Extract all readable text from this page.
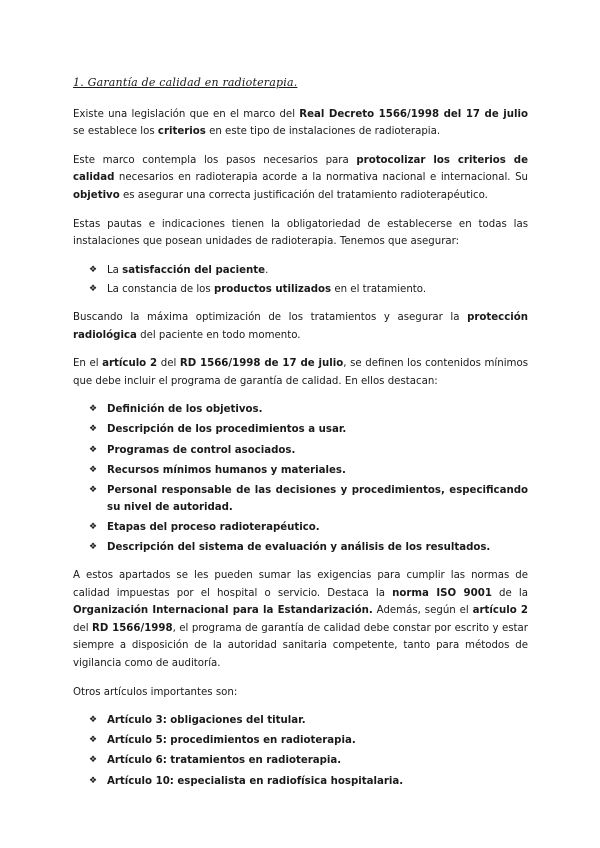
1. Garantía de calidad en radioterapia.

Existe una legislación que en el marco del Real Decreto 1566/1998 del 17 de julio se establece los criterios en este tipo de instalaciones de radioterapia.

Este marco contempla los pasos necesarios para protocolizar los criterios de calidad necesarios en radioterapia acorde a la normativa nacional e internacional. Su objetivo es asegurar una correcta justificación del tratamiento radioterapéutico.

Estas pautas e indicaciones tienen la obligatoriedad de establecerse en todas las instalaciones que posean unidades de radioterapia. Tenemos que asegurar:

❖ La satisfacción del paciente.
❖ La constancia de los productos utilizados en el tratamiento.

Buscando la máxima optimización de los tratamientos y asegurar la protección radiológica del paciente en todo momento.

En el artículo 2 del RD 1566/1998 de 17 de julio, se definen los contenidos mínimos que debe incluir el programa de garantía de calidad. En ellos destacan:

❖ Definición de los objetivos.
❖ Descripción de los procedimientos a usar.
❖ Programas de control asociados.
❖ Recursos mínimos humanos y materiales.
❖ Personal responsable de las decisiones y procedimientos, especificando su nivel de autoridad.
❖ Etapas del proceso radioterapéutico.
❖ Descripción del sistema de evaluación y análisis de los resultados.

A estos apartados se les pueden sumar las exigencias para cumplir las normas de calidad impuestas por el hospital o servicio. Destaca la norma ISO 9001 de la Organización Internacional para la Estandarización. Además, según el artículo 2 del RD 1566/1998, el programa de garantía de calidad debe constar por escrito y estar siempre a disposición de la autoridad sanitaria competente, tanto para métodos de vigilancia como de auditoría.

Otros artículos importantes son:

❖ Artículo 3: obligaciones del titular.
❖ Artículo 5: procedimientos en radioterapia.
❖ Artículo 6: tratamientos en radioterapia.
❖ Artículo 10: especialista en radiofísica hospitalaria.
